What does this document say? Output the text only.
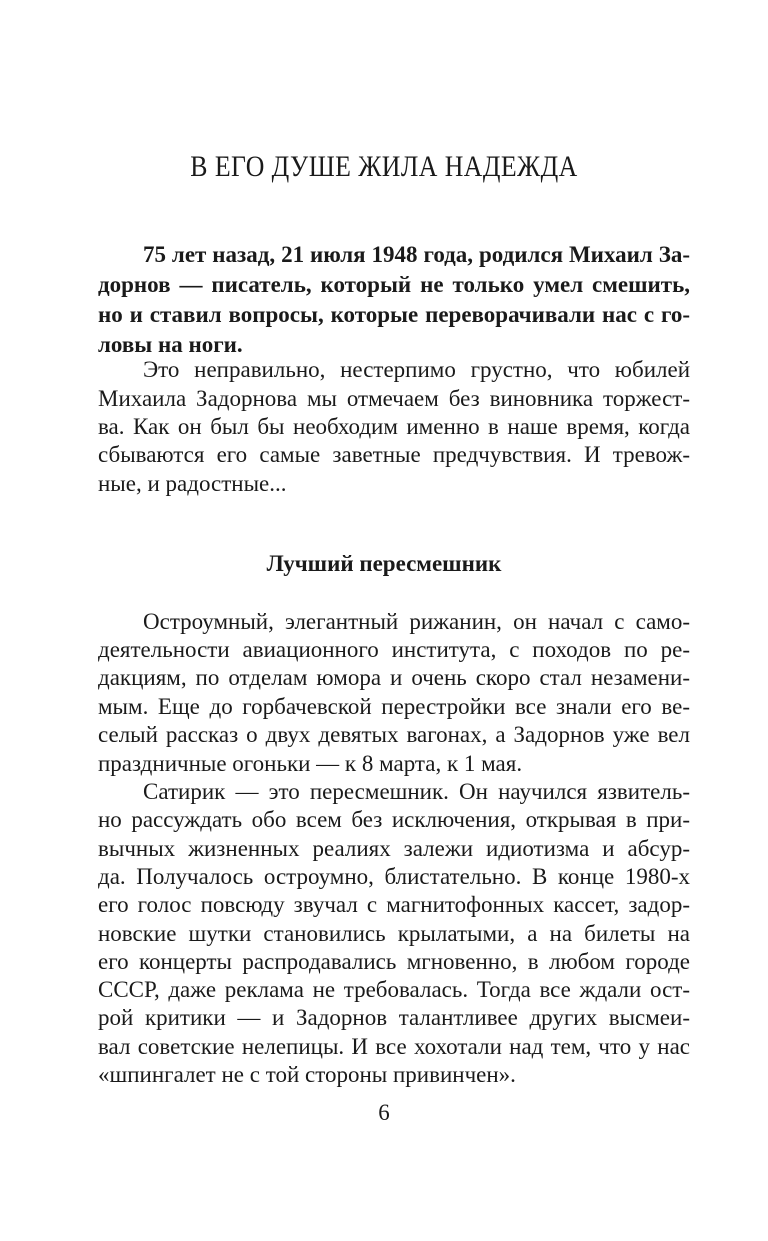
В ЕГО ДУШЕ ЖИЛА НАДЕЖДА
75 лет назад, 21 июля 1948 года, родился Михаил За-
дорнов — писатель, который не только умел смешить,
но и ставил вопросы, которые переворачивали нас с го-
ловы на ноги.
Это неправильно, нестерпимо грустно, что юбилей
Михаила Задорнова мы отмечаем без виновника торжест-
ва. Как он был бы необходим именно в наше время, когда
сбываются его самые заветные предчувствия. И тревож-
ные, и радостные...
Лучший пересмешник
Остроумный, элегантный рижанин, он начал с само-
деятельности авиационного института, с походов по ре-
дакциям, по отделам юмора и очень скоро стал незамени-
мым. Еще до горбачевской перестройки все знали его ве-
селый рассказ о двух девятых вагонах, а Задорнов уже вел
праздничные огоньки — к 8 марта, к 1 мая.
Сатирик — это пересмешник. Он научился язвитель-
но рассуждать обо всем без исключения, открывая в при-
вычных жизненных реалиях залежи идиотизма и абсур-
да. Получалось остроумно, блистательно. В конце 1980-х
его голос повсюду звучал с магнитофонных кассет, задор-
новские шутки становились крылатыми, а на билеты на
его концерты распродавались мгновенно, в любом городе
СССР, даже реклама не требовалась. Тогда все ждали ост-
рой критики — и Задорнов талантливее других высмеи-
вал советские нелепицы. И все хохотали над тем, что у нас
«шпингалет не с той стороны привинчен».
6
